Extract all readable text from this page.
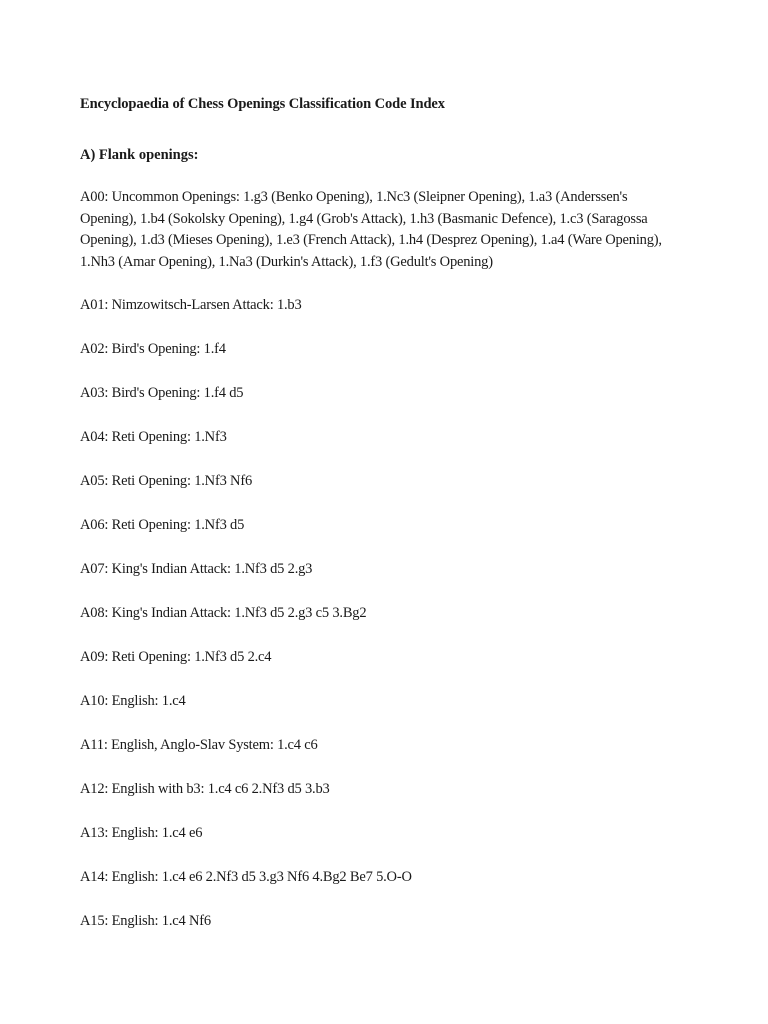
Encyclopaedia of Chess Openings Classification Code Index

A) Flank openings:

A00: Uncommon Openings: 1.g3 (Benko Opening), 1.Nc3 (Sleipner Opening), 1.a3 (Anderssen's Opening), 1.b4 (Sokolsky Opening), 1.g4 (Grob's Attack), 1.h3 (Basmanic Defence), 1.c3 (Saragossa Opening), 1.d3 (Mieses Opening), 1.e3 (French Attack), 1.h4 (Desprez Opening), 1.a4 (Ware Opening), 1.Nh3 (Amar Opening), 1.Na3 (Durkin's Attack), 1.f3 (Gedult's Opening)

A01: Nimzowitsch-Larsen Attack: 1.b3

A02: Bird's Opening: 1.f4

A03: Bird's Opening: 1.f4 d5

A04: Reti Opening: 1.Nf3

A05: Reti Opening: 1.Nf3 Nf6

A06: Reti Opening: 1.Nf3 d5

A07: King's Indian Attack: 1.Nf3 d5 2.g3

A08: King's Indian Attack: 1.Nf3 d5 2.g3 c5 3.Bg2

A09: Reti Opening: 1.Nf3 d5 2.c4

A10: English: 1.c4

A11: English, Anglo-Slav System: 1.c4 c6

A12: English with b3: 1.c4 c6 2.Nf3 d5 3.b3

A13: English: 1.c4 e6

A14: English: 1.c4 e6 2.Nf3 d5 3.g3 Nf6 4.Bg2 Be7 5.O-O

A15: English: 1.c4 Nf6
